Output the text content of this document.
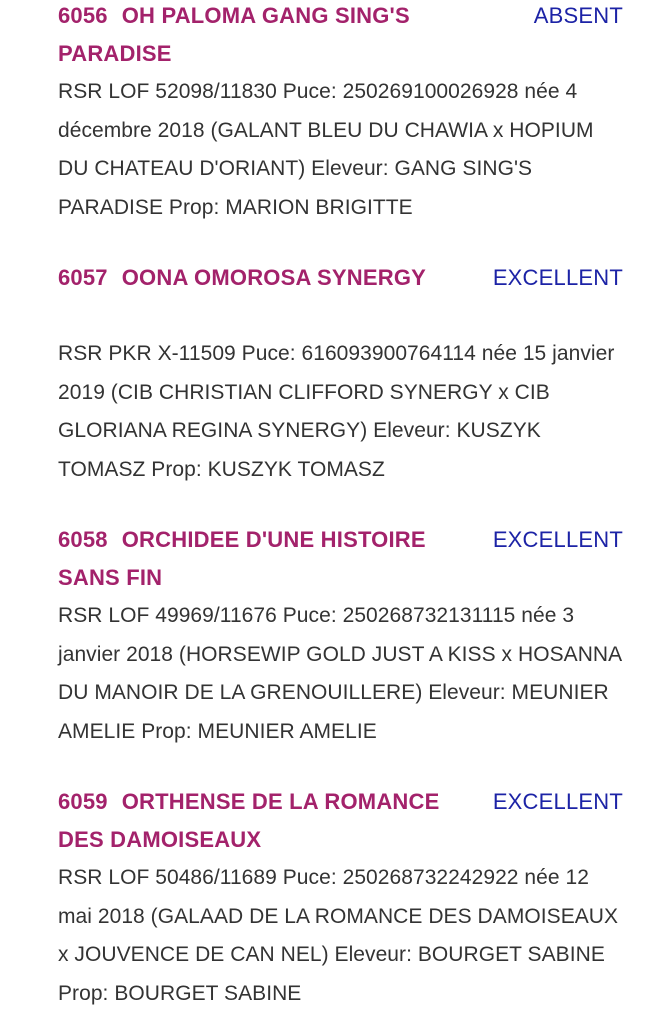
6056 OH PALOMA GANG SING'S PARADISE
ABSENT
RSR LOF 52098/11830 Puce: 250269100026928 née 4 décembre 2018 (GALANT BLEU DU CHAWIA x HOPIUM DU CHATEAU D'ORIANT) Eleveur: GANG SING'S PARADISE Prop: MARION BRIGITTE
6057 OONA OMOROSA SYNERGY	EXCELLENT
RSR PKR X-11509 Puce: 616093900764114 née 15 janvier 2019 (CIB CHRISTIAN CLIFFORD SYNERGY x CIB GLORIANA REGINA SYNERGY) Eleveur: KUSZYK TOMASZ Prop: KUSZYK TOMASZ
6058 ORCHIDEE D'UNE HISTOIRE SANS FIN
EXCELLENT
RSR LOF 49969/11676 Puce: 250268732131115 née 3 janvier 2018 (HORSEWIP GOLD JUST A KISS x HOSANNA DU MANOIR DE LA GRENOUILLERE) Eleveur: MEUNIER AMELIE Prop: MEUNIER AMELIE
6059 ORTHENSE DE LA ROMANCE DES DAMOISEAUX
EXCELLENT
RSR LOF 50486/11689 Puce: 250268732242922 née 12 mai 2018 (GALAAD DE LA ROMANCE DES DAMOISEAUX x JOUVENCE DE CAN NEL) Eleveur: BOURGET SABINE Prop: BOURGET SABINE
